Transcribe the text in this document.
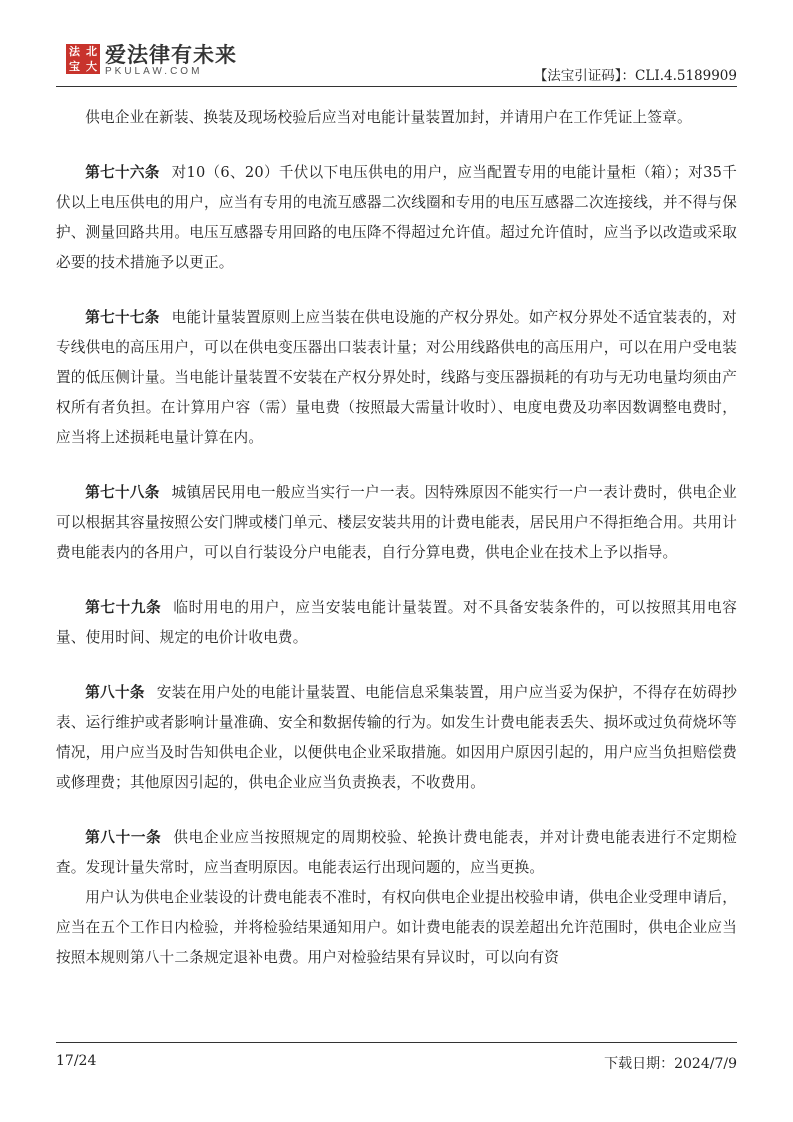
法 北
宝 大 爱法律有未来
PKULAW.COM	【法宝引证码】：CLI.4.5189909

供电企业在新装、换装及现场校验后应当对电能计量装置加封，并请用户在工作凭证上签章。

第七十六条 对10（6、20）千伏以下电压供电的用户，应当配置专用的电能计量柜（箱）；对35千伏以上电压供电的用户，应当有专用的电流互感器二次线圈和专用的电压互感器二次连接线，并不得与保护、测量回路共用。电压互感器专用回路的电压降不得超过允许值。超过允许值时，应当予以改造或采取必要的技术措施予以更正。

第七十七条 电能计量装置原则上应当装在供电设施的产权分界处。如产权分界处不适宜装表的，对专线供电的高压用户，可以在供电变压器出口装表计量；对公用线路供电的高压用户，可以在用户受电装置的低压侧计量。当电能计量装置不安装在产权分界处时，线路与变压器损耗的有功与无功电量均须由产权所有者负担。在计算用户容（需）量电费（按照最大需量计收时）、电度电费及功率因数调整电费时，应当将上述损耗电量计算在内。

第七十八条 城镇居民用电一般应当实行一户一表。因特殊原因不能实行一户一表计费时，供电企业可以根据其容量按照公安门牌或楼门单元、楼层安装共用的计费电能表，居民用户不得拒绝合用。共用计费电能表内的各用户，可以自行装设分户电能表，自行分算电费，供电企业在技术上予以指导。

第七十九条 临时用电的用户，应当安装电能计量装置。对不具备安装条件的，可以按照其用电容量、使用时间、规定的电价计收电费。

第八十条 安装在用户处的电能计量装置、电能信息采集装置，用户应当妥为保护，不得存在妨碍抄表、运行维护或者影响计量准确、安全和数据传输的行为。如发生计费电能表丢失、损坏或过负荷烧坏等情况，用户应当及时告知供电企业，以便供电企业采取措施。如因用户原因引起的，用户应当负担赔偿费或修理费；其他原因引起的，供电企业应当负责换表，不收费用。

第八十一条 供电企业应当按照规定的周期校验、轮换计费电能表，并对计费电能表进行不定期检查。发现计量失常时，应当查明原因。电能表运行出现问题的，应当更换。

用户认为供电企业装设的计费电能表不准时，有权向供电企业提出校验申请，供电企业受理申请后，应当在五个工作日内检验，并将检验结果通知用户。如计费电能表的误差超出允许范围时，供电企业应当按照本规则第八十二条规定退补电费。用户对检验结果有异议时，可以向有资

17/24	下载日期：2024/7/9
